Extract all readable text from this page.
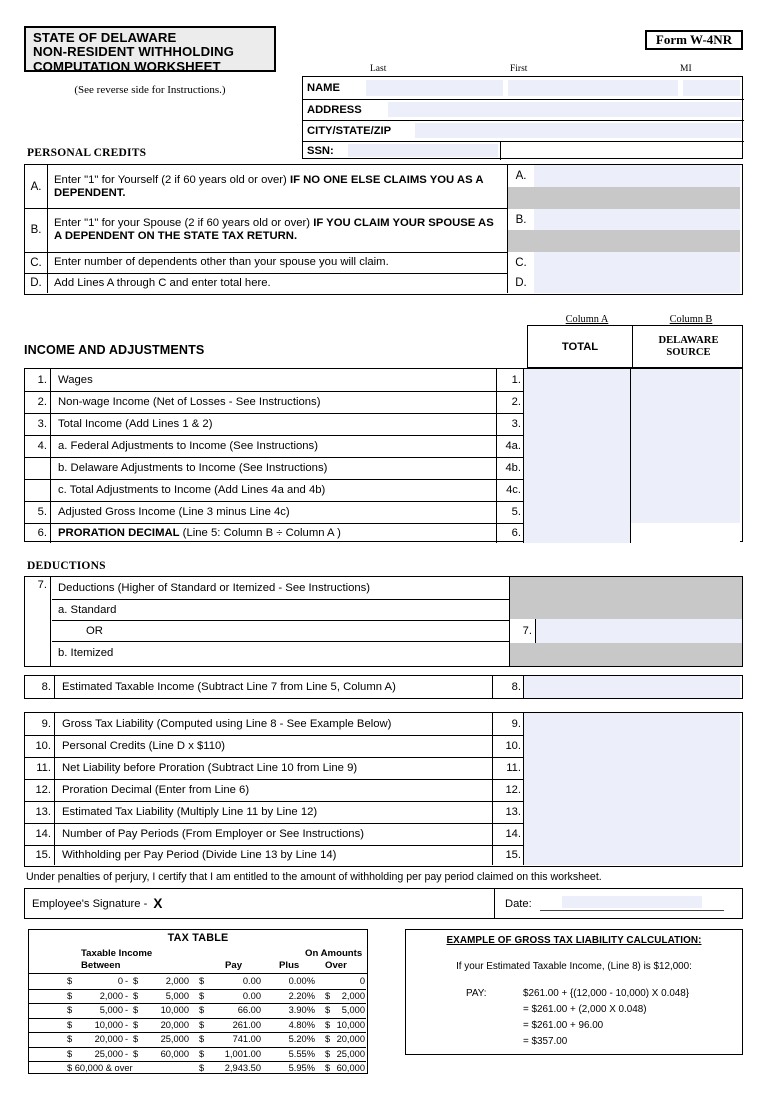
STATE OF DELAWARE
NON-RESIDENT WITHHOLDING
COMPUTATION WORKSHEET
(See reverse side for Instructions.)
Form W-4NR
Last	First	MI
NAME
ADDRESS
CITY/STATE/ZIP
SSN:
PERSONAL CREDITS
A.
Enter "1" for Yourself (2 if 60 years old or over) IF NO ONE ELSE CLAIMS YOU AS A DEPENDENT.
A.
B.
Enter "1" for your Spouse (2 if 60 years old or over) IF YOU CLAIM YOUR SPOUSE AS A DEPENDENT ON THE STATE TAX RETURN.
B.
C.	Enter number of dependents other than your spouse you will claim.	C.
D.	Add Lines A through C and enter total here.	D.
Column A	Column B
INCOME AND ADJUSTMENTS	TOTAL
DELAWARE
SOURCE
1. Wages	1.
2. Non-wage Income (Net of Losses - See Instructions)	2.
3. Total Income (Add Lines 1 & 2)	3.
4. a. Federal Adjustments to Income (See Instructions)	4a.
b. Delaware Adjustments to Income (See Instructions)	4b.
c. Total Adjustments to Income (Add Lines 4a and 4b)	4c.
5. Adjusted Gross Income (Line 3 minus Line 4c)	5.
6. PRORATION DECIMAL (Line 5: Column B ÷ Column A )	6.
DEDUCTIONS
7. Deductions (Higher of Standard or Itemized - See Instructions)
a. Standard
OR
b. Itemized
7.
8. Estimated Taxable Income (Subtract Line 7 from Line 5, Column A)	8.
9. Gross Tax Liability (Computed using Line 8 - See Example Below)	9.
10. Personal Credits (Line D x $110)	10.
11. Net Liability before Proration (Subtract Line 10 from Line 9)	11.
12. Proration Decimal (Enter from Line 6)	12.
13. Estimated Tax Liability (Multiply Line 11 by Line 12)	13.
14. Number of Pay Periods (From Employer or See Instructions)	14.
15. Withholding per Pay Period (Divide Line 13 by Line 14)	15.
Under penalties of perjury, I certify that I am entitled to the amount of withholding per pay period claimed on this worksheet.
Employee's Signature - X	Date:
TAX TABLE
Taxable Income
Between	Pay	Plus
On Amounts
Over
$	0 - $	2,000 $	0.00	0.00%	0
$	2,000 - $	5,000 $	0.00	2.20% $	2,000
$	5,000 - $	10,000 $	66.00	3.90% $	5,000
$	10,000 - $	20,000 $	261.00	4.80% $ 10,000
$	20,000 - $	25,000 $	741.00	5.20% $ 20,000
$	25,000 - $	60,000 $	1,001.00	5.55% $ 25,000
$ 60,000 & over	$	2,943.50	5.95% $ 60,000
EXAMPLE OF GROSS TAX LIABILITY CALCULATION:
If your Estimated Taxable Income, (Line 8) is $12,000:
PAY:	$261.00 + {(12,000 - 10,000) X 0.048}
= $261.00 + (2,000 X 0.048)
= $261.00 + 96.00
= $357.00
